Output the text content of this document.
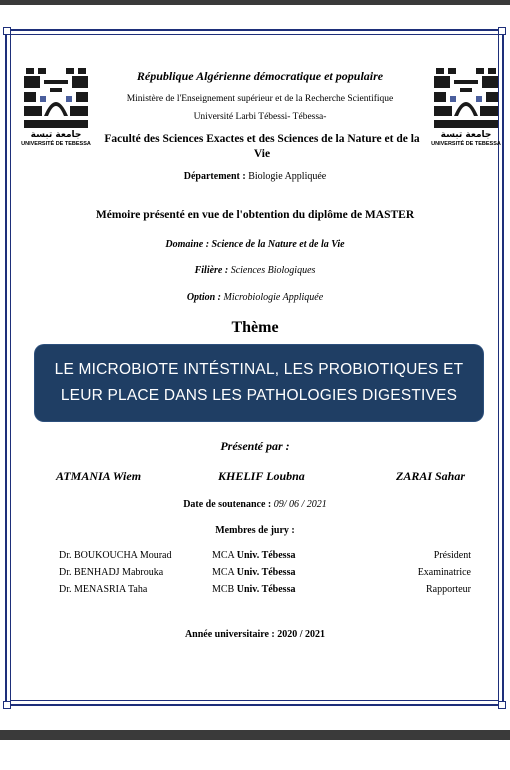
جامعة تبسة
UNIVERSITÉ DE TEBESSA
جامعة تبسة
UNIVERSITÉ DE TEBESSA
République Algérienne démocratique et populaire
Ministère de l'Enseignement supérieur et de la Recherche Scientifique
Université Larbi Tébessi- Tébessa-
Faculté des Sciences Exactes et des Sciences de la Nature et de la Vie
Département : Biologie Appliquée
Mémoire présenté en vue de l'obtention du diplôme de MASTER
Domaine : Science de la Nature et de la Vie
Filière : Sciences Biologiques
Option : Microbiologie Appliquée
Thème
LE MICROBIOTE INTÉSTINAL, LES PROBIOTIQUES ET
LEUR PLACE DANS LES PATHOLOGIES DIGESTIVES
Présenté par :
ATMANIA Wiem	KHELIF Loubna	ZARAI Sahar
Date de soutenance : 09/ 06 / 2021
Membres de jury :
Dr. BOUKOUCHA Mourad	MCA Univ. Tébessa	Président
Dr. BENHADJ Mabrouka	MCA Univ. Tébessa	Examinatrice
Dr. MENASRIA Taha	MCB Univ. Tébessa	Rapporteur
Année universitaire : 2020 / 2021
